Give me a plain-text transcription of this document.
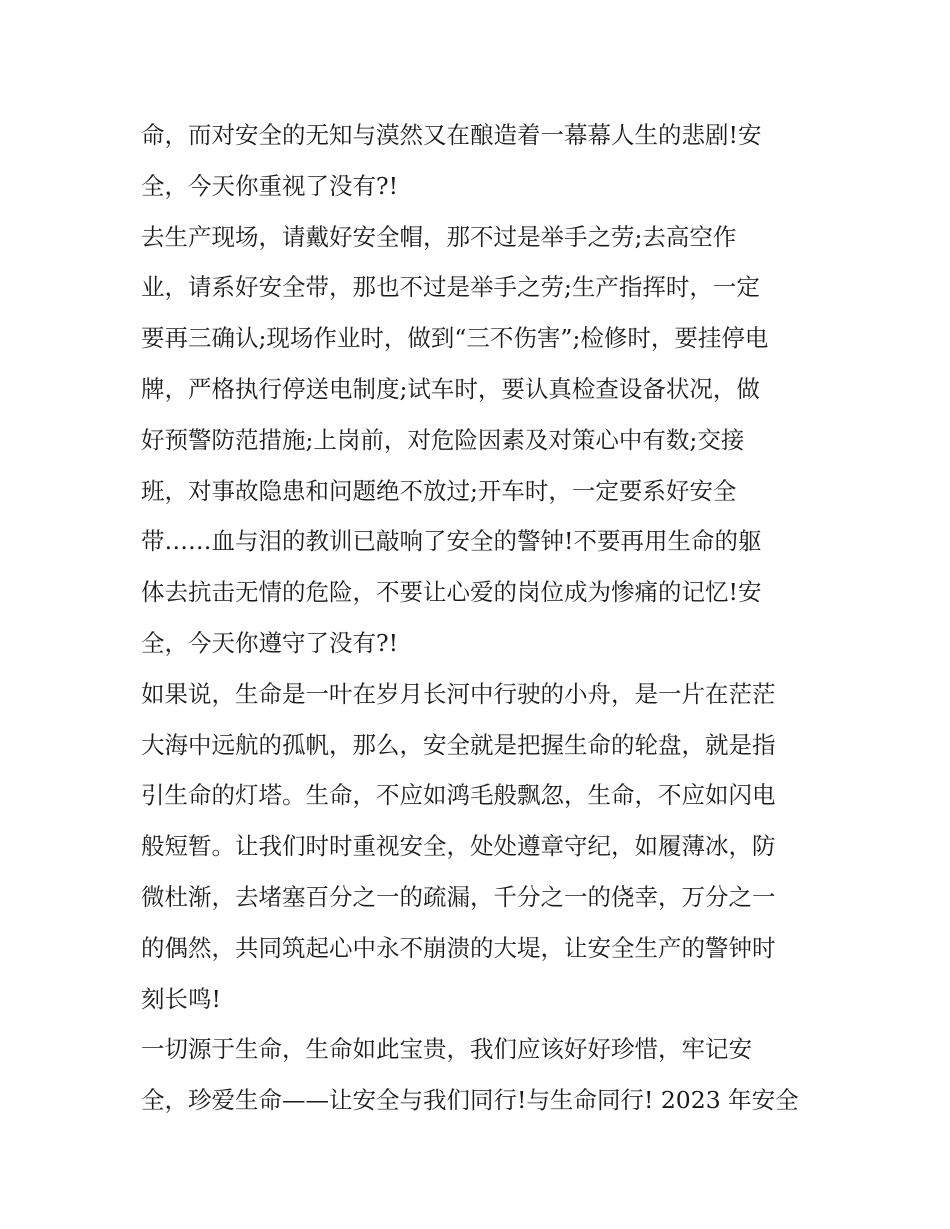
命，而对安全的无知与漠然又在酿造着一幕幕人生的悲剧!安
全，今天你重视了没有?!
去生产现场，请戴好安全帽，那不过是举手之劳;去高空作
业，请系好安全带，那也不过是举手之劳;生产指挥时，一定
要再三确认;现场作业时，做到“三不伤害”;检修时，要挂停电
牌，严格执行停送电制度;试车时，要认真检查设备状况，做
好预警防范措施;上岗前，对危险因素及对策心中有数;交接
班，对事故隐患和问题绝不放过;开车时，一定要系好安全
带……血与泪的教训已敲响了安全的警钟!不要再用生命的躯
体去抗击无情的危险，不要让心爱的岗位成为惨痛的记忆!安
全，今天你遵守了没有?!
如果说，生命是一叶在岁月长河中行驶的小舟，是一片在茫茫
大海中远航的孤帆，那么，安全就是把握生命的轮盘，就是指
引生命的灯塔。生命，不应如鸿毛般飘忽，生命，不应如闪电
般短暂。让我们时时重视安全，处处遵章守纪，如履薄冰，防
微杜渐，去堵塞百分之一的疏漏，千分之一的侥幸，万分之一
的偶然，共同筑起心中永不崩溃的大堤，让安全生产的警钟时
刻长鸣!
一切源于生命，生命如此宝贵，我们应该好好珍惜，牢记安
全，珍爱生命——让安全与我们同行!与生命同行! 2023 年安全
